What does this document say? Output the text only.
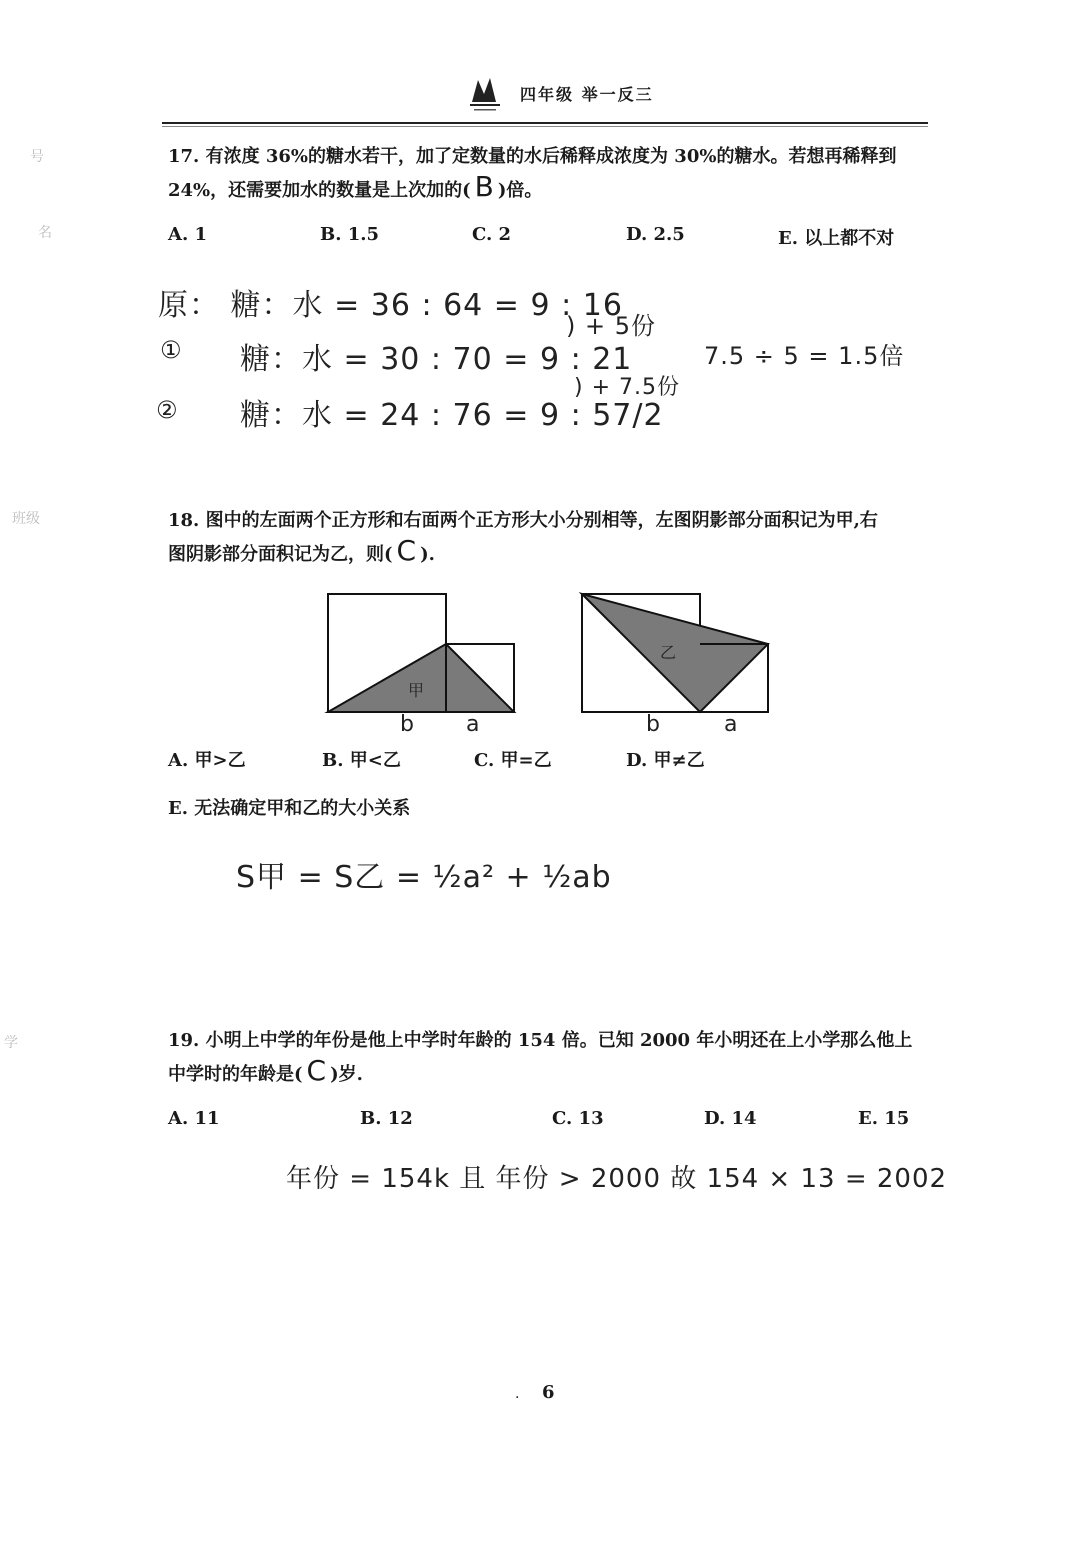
号
名
班级
学
四年级 举一反三
17. 有浓度 36%的糖水若干，加了定数量的水后稀释成浓度为 30%的糖水。若想再稀释到
24%，还需要加水的数量是上次加的( B )倍。
A. 1	B. 1.5	C. 2	D. 2.5	E. 以上都不对
原： 糖：水 = 36 : 64 = 9 : 16
① 糖：水 = 30 : 70 = 9 : 21
② 糖：水 = 24 : 76 = 9 : 57/2
) + 5份
) + 7.5份
7.5 ÷ 5 = 1.5倍
18. 图中的左面两个正方形和右面两个正方形大小分别相等，左图阴影部分面积记为甲,右
图阴影部分面积记为乙，则( C ).
甲
b a
乙
b	a
A. 甲>乙	B. 甲<乙	C. 甲=乙	D. 甲≠乙
E. 无法确定甲和乙的大小关系
S甲 = S乙 = ½a² + ½ab
19. 小明上中学的年份是他上中学时年龄的 154 倍。已知 2000 年小明还在上小学那么他上
中学时的年龄是( C )岁.
A. 11	B. 12	C. 13	D. 14	E. 15
年份 = 154k 且 年份 > 2000 故 154 × 13 = 2002
. 6
